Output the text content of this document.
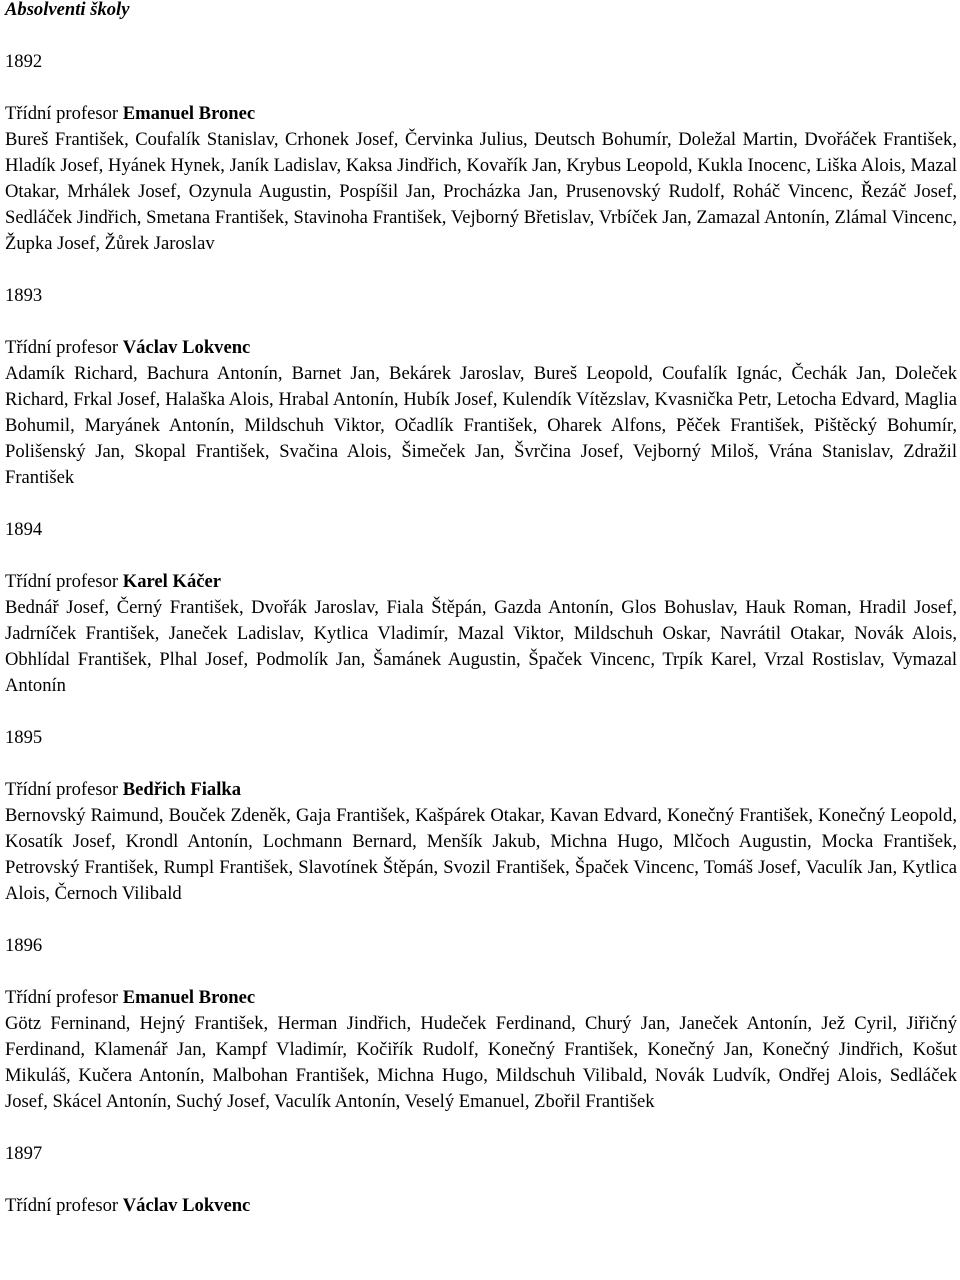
Absolventi školy
1892
Třídní profesor Emanuel Bronec
Bureš František, Coufalík Stanislav, Crhonek Josef, Červinka Julius, Deutsch Bohumír, Doležal Martin, Dvořáček František, Hladík Josef, Hyánek Hynek, Janík Ladislav, Kaksa Jindřich, Kovařík Jan, Krybus Leopold, Kukla Inocenc, Liška Alois, Mazal Otakar, Mrhálek Josef, Ozynula Augustin, Pospíšil Jan, Procházka Jan, Prusenovský Rudolf, Roháč Vincenc, Řezáč Josef, Sedláček Jindřich, Smetana František, Stavinoha František, Vejborný Břetislav, Vrbíček Jan, Zamazal Antonín, Zlámal Vincenc, Župka Josef, Žůrek Jaroslav
1893
Třídní profesor Václav Lokvenc
Adamík Richard, Bachura Antonín, Barnet Jan, Bekárek Jaroslav, Bureš Leopold, Coufalík Ignác, Čechák Jan, Doleček Richard, Frkal Josef, Halaška Alois, Hrabal Antonín, Hubík Josef, Kulendík Vítězslav, Kvasnička Petr, Letocha Edvard, Maglia Bohumil, Maryánek Antonín, Mildschuh Viktor, Očadlík František, Oharek Alfons, Pěček František, Pištěcký Bohumír, Polišenský Jan, Skopal František, Svačina Alois, Šimeček Jan, Švrčina Josef, Vejborný Miloš, Vrána Stanislav, Zdražil František
1894
Třídní profesor Karel Káčer
Bednář Josef, Černý František, Dvořák Jaroslav, Fiala Štěpán, Gazda Antonín, Glos Bohuslav, Hauk Roman, Hradil Josef, Jadrníček František, Janeček Ladislav, Kytlica Vladimír, Mazal Viktor, Mildschuh Oskar, Navrátil Otakar, Novák Alois, Obhlídal František, Plhal Josef, Podmolík Jan, Šamánek Augustin, Špaček Vincenc, Trpík Karel, Vrzal Rostislav, Vymazal Antonín
1895
Třídní profesor Bedřich Fialka
Bernovský Raimund, Bouček Zdeněk, Gaja František, Kašpárek Otakar, Kavan Edvard, Konečný František, Konečný Leopold, Kosatík Josef, Krondl Antonín, Lochmann Bernard, Menšík Jakub, Michna Hugo, Mlčoch Augustin, Mocka František, Petrovský František, Rumpl František, Slavotínek Štěpán, Svozil František, Špaček Vincenc, Tomáš Josef, Vaculík Jan, Kytlica Alois, Černoch Vilibald
1896
Třídní profesor Emanuel Bronec
Götz Ferninand, Hejný František, Herman Jindřich, Hudeček Ferdinand, Churý Jan, Janeček Antonín, Jež Cyril, Jiřičný Ferdinand, Klamenář Jan, Kampf Vladimír, Kočiřík Rudolf, Konečný František, Konečný Jan, Konečný Jindřich, Košut Mikuláš, Kučera Antonín, Malbohan František, Michna Hugo, Mildschuh Vilibald, Novák Ludvík, Ondřej Alois, Sedláček Josef, Skácel Antonín, Suchý Josef, Vaculík Antonín, Veselý Emanuel, Zbořil František
1897
Třídní profesor Václav Lokvenc
